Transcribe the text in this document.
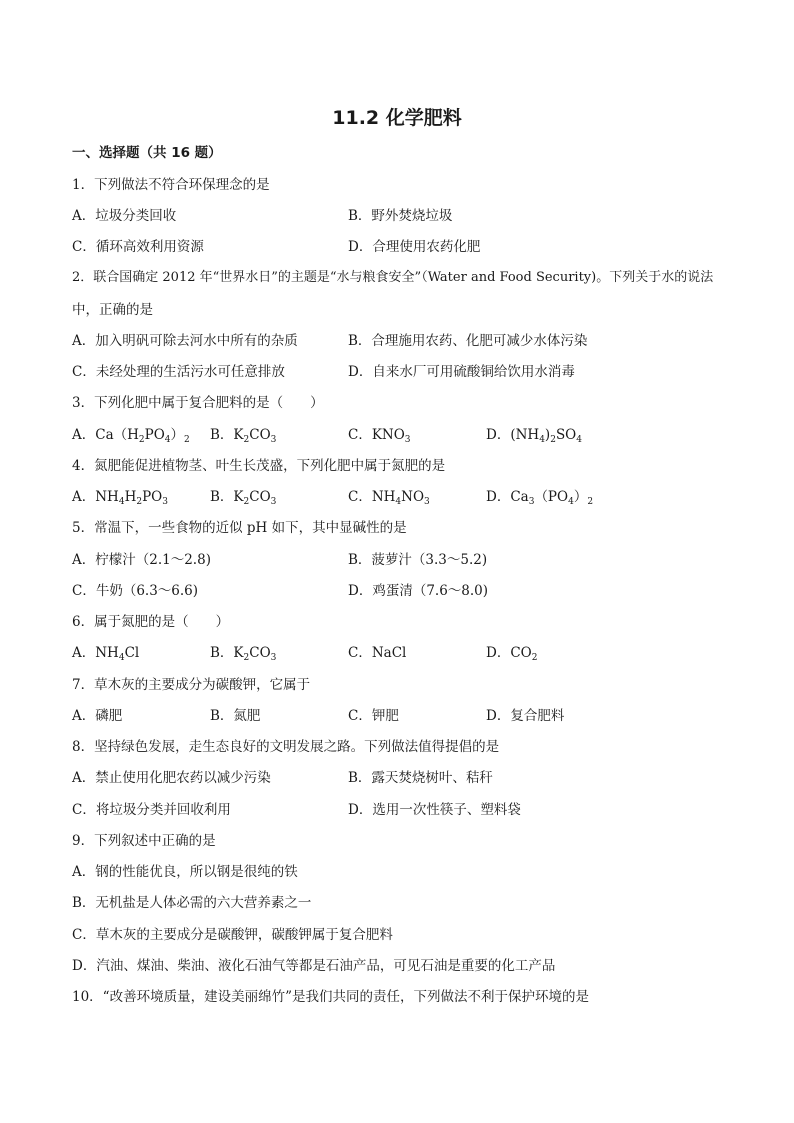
11.2 化学肥料
一、选择题（共 16 题）
1．下列做法不符合环保理念的是
A．垃圾分类回收	B．野外焚烧垃圾
C．循环高效利用资源	D．合理使用农药化肥
2．联合国确定 2012 年“世界水日”的主题是“水与粮食安全”（Water and Food Security)。下列关于水的说法
中，正确的是
A．加入明矾可除去河水中所有的杂质	B．合理施用农药、化肥可减少水体污染
C．未经处理的生活污水可任意排放	D．自来水厂可用硫酸铜给饮用水消毒
3．下列化肥中属于复合肥料的是（　　）
A．$Ca(H_2PO_4)_2$ B．$K_2CO_3$	C．$KNO_3$	D．$(NH_4)_2SO_4$
4．氮肥能促进植物茎、叶生长茂盛，下列化肥中属于氮肥的是
A．$NH_4H_2PO_3$	B．$K_2CO_3$	C．$NH_4NO_3$	D．$Ca_3(PO_4)_2$
5．常温下，一些食物的近似 pH 如下，其中显碱性的是
A．柠檬汁（2.1～2.8)	B．菠萝汁（3.3～5.2)
C．牛奶（6.3～6.6)	D．鸡蛋清（7.6～8.0)
6．属于氮肥的是（　　）
A．$NH_4Cl$	B．$K_2CO_3$	C．NaCl	D．$CO_2$
7．草木灰的主要成分为碳酸钾，它属于
A．磷肥	B．氮肥	C．钾肥	D．复合肥料
8．坚持绿色发展，走生态良好的文明发展之路。下列做法值得提倡的是
A．禁止使用化肥农药以减少污染	B．露天焚烧树叶、秸秆
C．将垃圾分类并回收利用	D．选用一次性筷子、塑料袋
9．下列叙述中正确的是
A．钢的性能优良，所以钢是很纯的铁
B．无机盐是人体必需的六大营养素之一
C．草木灰的主要成分是碳酸钾，碳酸钾属于复合肥料
D．汽油、煤油、柴油、液化石油气等都是石油产品，可见石油是重要的化工产品
10．“改善环境质量，建设美丽绵竹”是我们共同的责任，下列做法不利于保护环境的是
